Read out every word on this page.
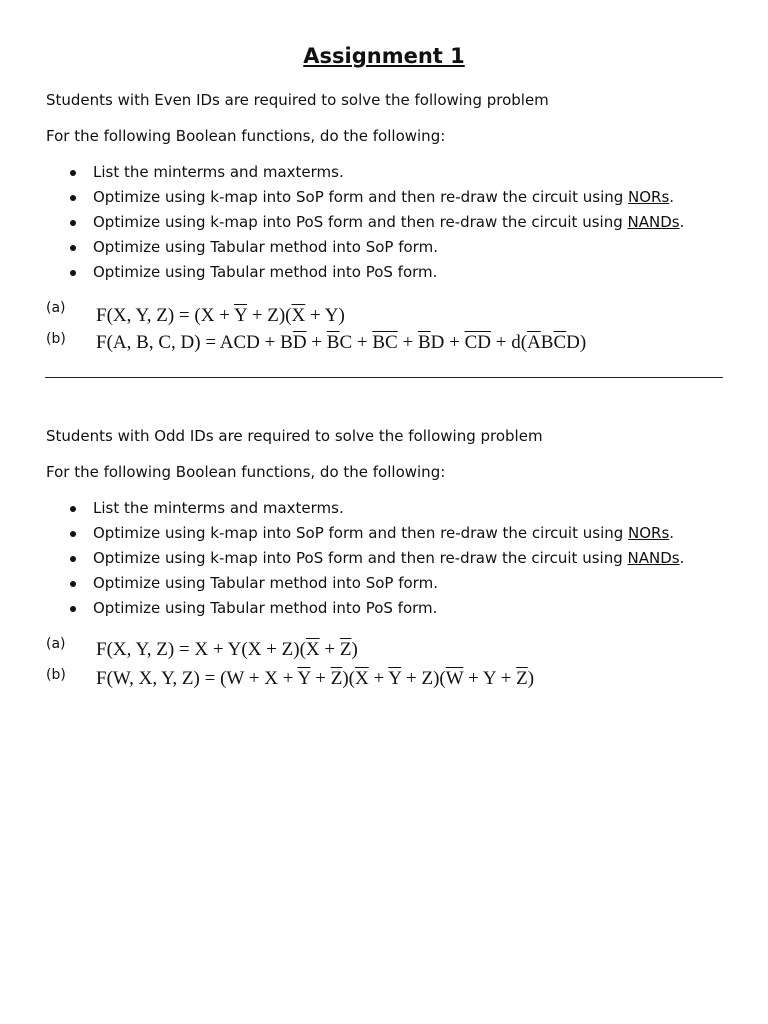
Assignment 1
Students with Even IDs are required to solve the following problem
For the following Boolean functions, do the following:
List the minterms and maxterms.
Optimize using k-map into SoP form and then re-draw the circuit using NORs.
Optimize using k-map into PoS form and then re-draw the circuit using NANDs.
Optimize using Tabular method into SoP form.
Optimize using Tabular method into PoS form.
(a) F(X, Y, $Z) = (X + \overline{Y} + Z)(\overline{X} + Y)$
(b) F(A, B, C, D) = ACD + $B\overline{D} + \overline{B}C + \overline{B}\overline{C} + \overline{B}D + \overline{C}\overline{D} + d(\overline{A}B\overline{C}D)$
Students with Odd IDs are required to solve the following problem
For the following Boolean functions, do the following:
List the minterms and maxterms.
Optimize using k-map into SoP form and then re-draw the circuit using NORs.
Optimize using k-map into PoS form and then re-draw the circuit using NANDs.
Optimize using Tabular method into SoP form.
Optimize using Tabular method into PoS form.
(a) F(X, Y, $Z) = X + Y(X + Z)(\overline{X} + \overline{Z})$
(b) F(W, X, Y, $Z) = (W + X + \overline{Y} + \overline{Z})(\overline{X} + \overline{Y} + Z)(\overline{W} + Y + \overline{Z})$
